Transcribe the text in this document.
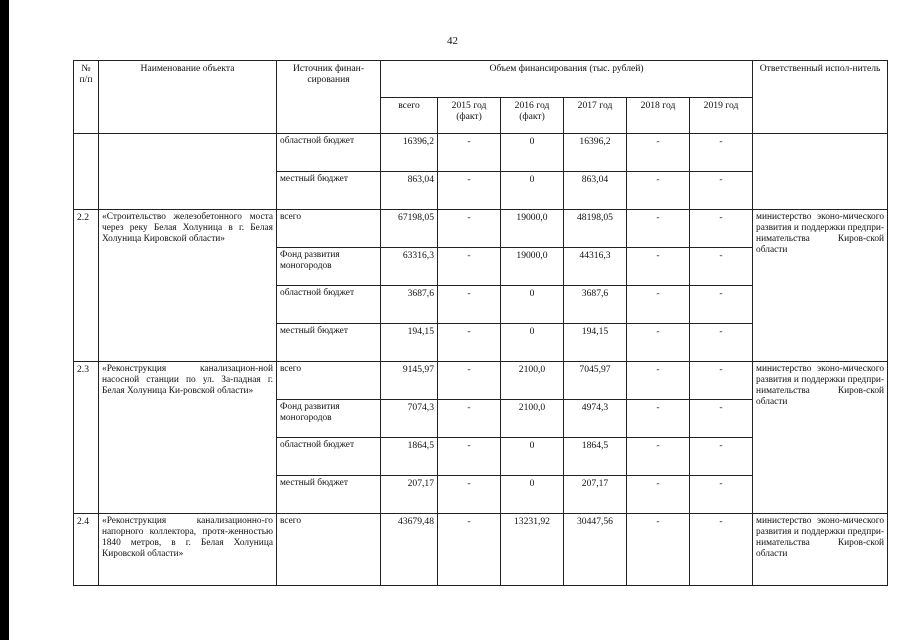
42
№ п/п	Наименование объекта	Источник финан-сирования	Объем финансирования (тыс. рублей)						Ответственный испол-нитель
			всего	2015 год (факт)	2016 год (факт)	2017 год	2018 год	2019 год	
		областной бюджет	16396,2	-	0	16396,2	-	-	
		местный бюджет	863,04	-	0	863,04	-	-	
2.2	«Строительство железобетонного моста через реку Белая Холуница в г. Белая Холуница Кировской области»	всего	67198,05	-	19000,0	48198,05	-	-	министерство эконо-мического развития и поддержки предпри-нимательства Киров-ской области
		Фонд развития моногородов	63316,3	-	19000,0	44316,3	-	-	
		областной бюджет	3687,6	-	0	3687,6	-	-	
		местный бюджет	194,15	-	0	194,15	-	-	
2.3	«Реконструкция канализацион-ной насосной станции по ул. За-падная г. Белая Холуница Ки-ровской области»	всего	9145,97	-	2100,0	7045,97	-	-	министерство эконо-мического развития и поддержки предпри-нимательства Киров-ской области
		Фонд развития моногородов	7074,3	-	2100,0	4974,3	-	-	
		областной бюджет	1864,5	-	0	1864,5	-	-	
		местный бюджет	207,17	-	0	207,17	-	-	
2.4	«Реконструкция канализационно-го напорного коллектора, протя-женностью 1840 метров, в г. Белая Холуница Кировской области»	всего	43679,48	-	13231,92	30447,56	-	-	министерство эконо-мического развития и поддержки предпри-нимательства Киров-ской области
